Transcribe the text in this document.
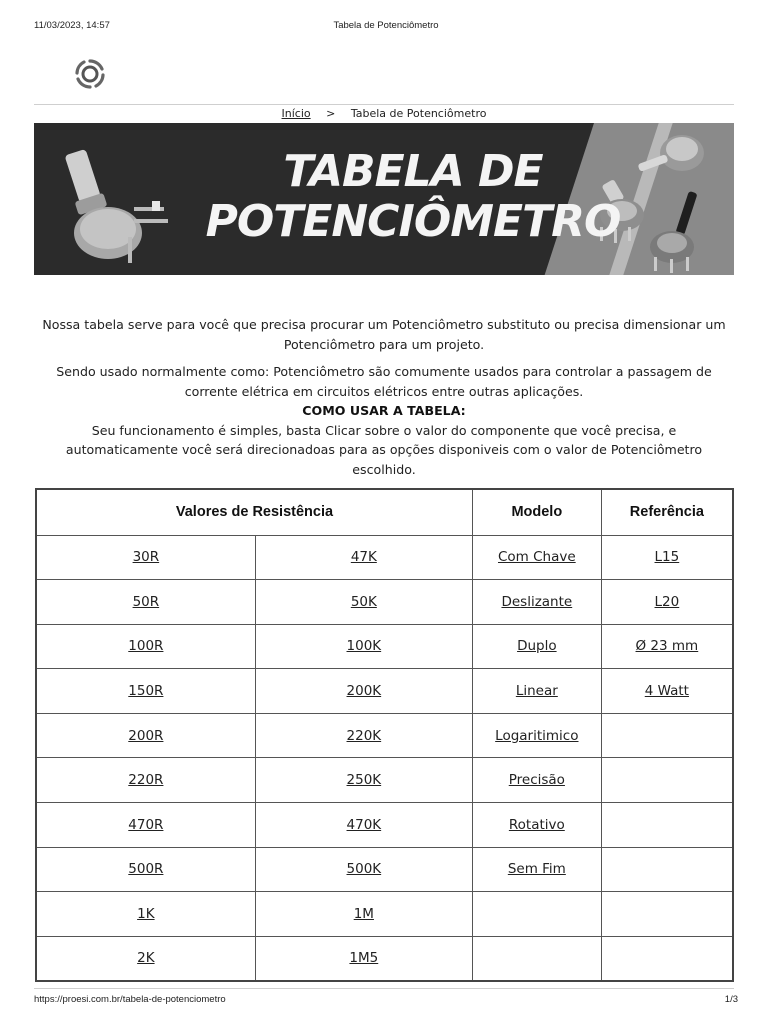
11/03/2023, 14:57	Tabela de Potenciômetro
Início > Tabela de Potenciômetro
TABELA DE
POTENCIÔMETRO

Nossa tabela serve para você que precisa procurar um Potenciômetro substituto ou precisa dimensionar um Potenciômetro para um projeto.

Sendo usado normalmente como: Potenciômetro são comumente usados para controlar a passagem de corrente elétrica em circuitos elétricos entre outras aplicações.
COMO USAR A TABELA:
Seu funcionamento é simples, basta Clicar sobre o valor do componente que você precisa, e automaticamente você será direcionadoas para as opções disponiveis com o valor de Potenciômetro escolhido.
Valores de Resistência		Modelo	Referência
30R	47K	Com Chave	L15
50R	50K	Deslizante	L20
100R	100K	Duplo	Ø 23 mm
150R	200K	Linear	4 Watt
200R	220K	Logaritimico	
220R	250K	Precisão	
470R	470K	Rotativo	
500R	500K	Sem Fim	
1K	1M		
2K	1M5		
https://proesi.com.br/tabela-de-potenciometro	1/3
